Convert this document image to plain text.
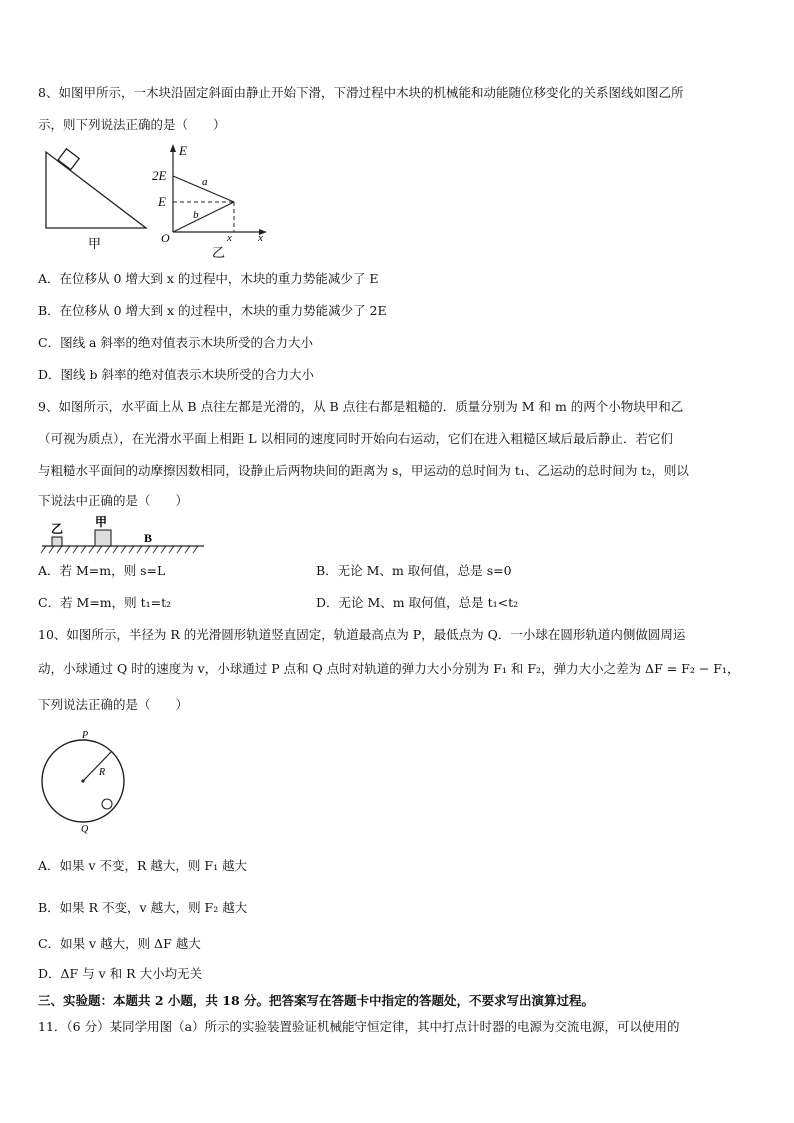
8、如图甲所示，一木块沿固定斜面由静止开始下滑，下滑过程中木块的机械能和动能随位移变化的关系图线如图乙所
示，则下列说法正确的是（　　）
甲
E
2E
E
O
a
b
x x
乙
A．在位移从 0 增大到 x 的过程中，木块的重力势能减少了 E
B．在位移从 0 增大到 x 的过程中，木块的重力势能减少了 2E
C．图线 a 斜率的绝对值表示木块所受的合力大小
D．图线 b 斜率的绝对值表示木块所受的合力大小
9、如图所示，水平面上从 B 点往左都是光滑的，从 B 点往右都是粗糙的．质量分别为 M 和 m 的两个小物块甲和乙
（可视为质点），在光滑水平面上相距 L 以相同的速度同时开始向右运动，它们在进入粗糙区域后最后静止．若它们
与粗糙水平面间的动摩擦因数相同，设静止后两物块间的距离为 s，甲运动的总时间为 t₁、乙运动的总时间为 t₂，则以
下说法中正确的是（　　）
乙	甲
B
A．若 M=m，则 s=L	B．无论 M、m 取何值，总是 s=0
C．若 M=m，则 t₁=t₂	D．无论 M、m 取何值，总是 t₁<t₂
10、如图所示，半径为 R 的光滑圆形轨道竖直固定，轨道最高点为 P，最低点为 Q．一小球在圆形轨道内侧做圆周运
动，小球通过 Q 时的速度为 v，小球通过 P 点和 Q 点时对轨道的弹力大小分别为 F₁ 和 F₂，弹力大小之差为 ΔF = F₂ − F₁，
下列说法正确的是（　　）
P
Q
R
A．如果 v 不变，R 越大，则 F₁ 越大
B．如果 R 不变，v 越大，则 F₂ 越大
C．如果 v 越大，则 ΔF 越大
D．ΔF 与 v 和 R 大小均无关
三、实验题：本题共 2 小题，共 18 分。把答案写在答题卡中指定的答题处，不要求写出演算过程。
11．（6 分）某同学用图（a）所示的实验装置验证机械能守恒定律，其中打点计时器的电源为交流电源，可以使用的
